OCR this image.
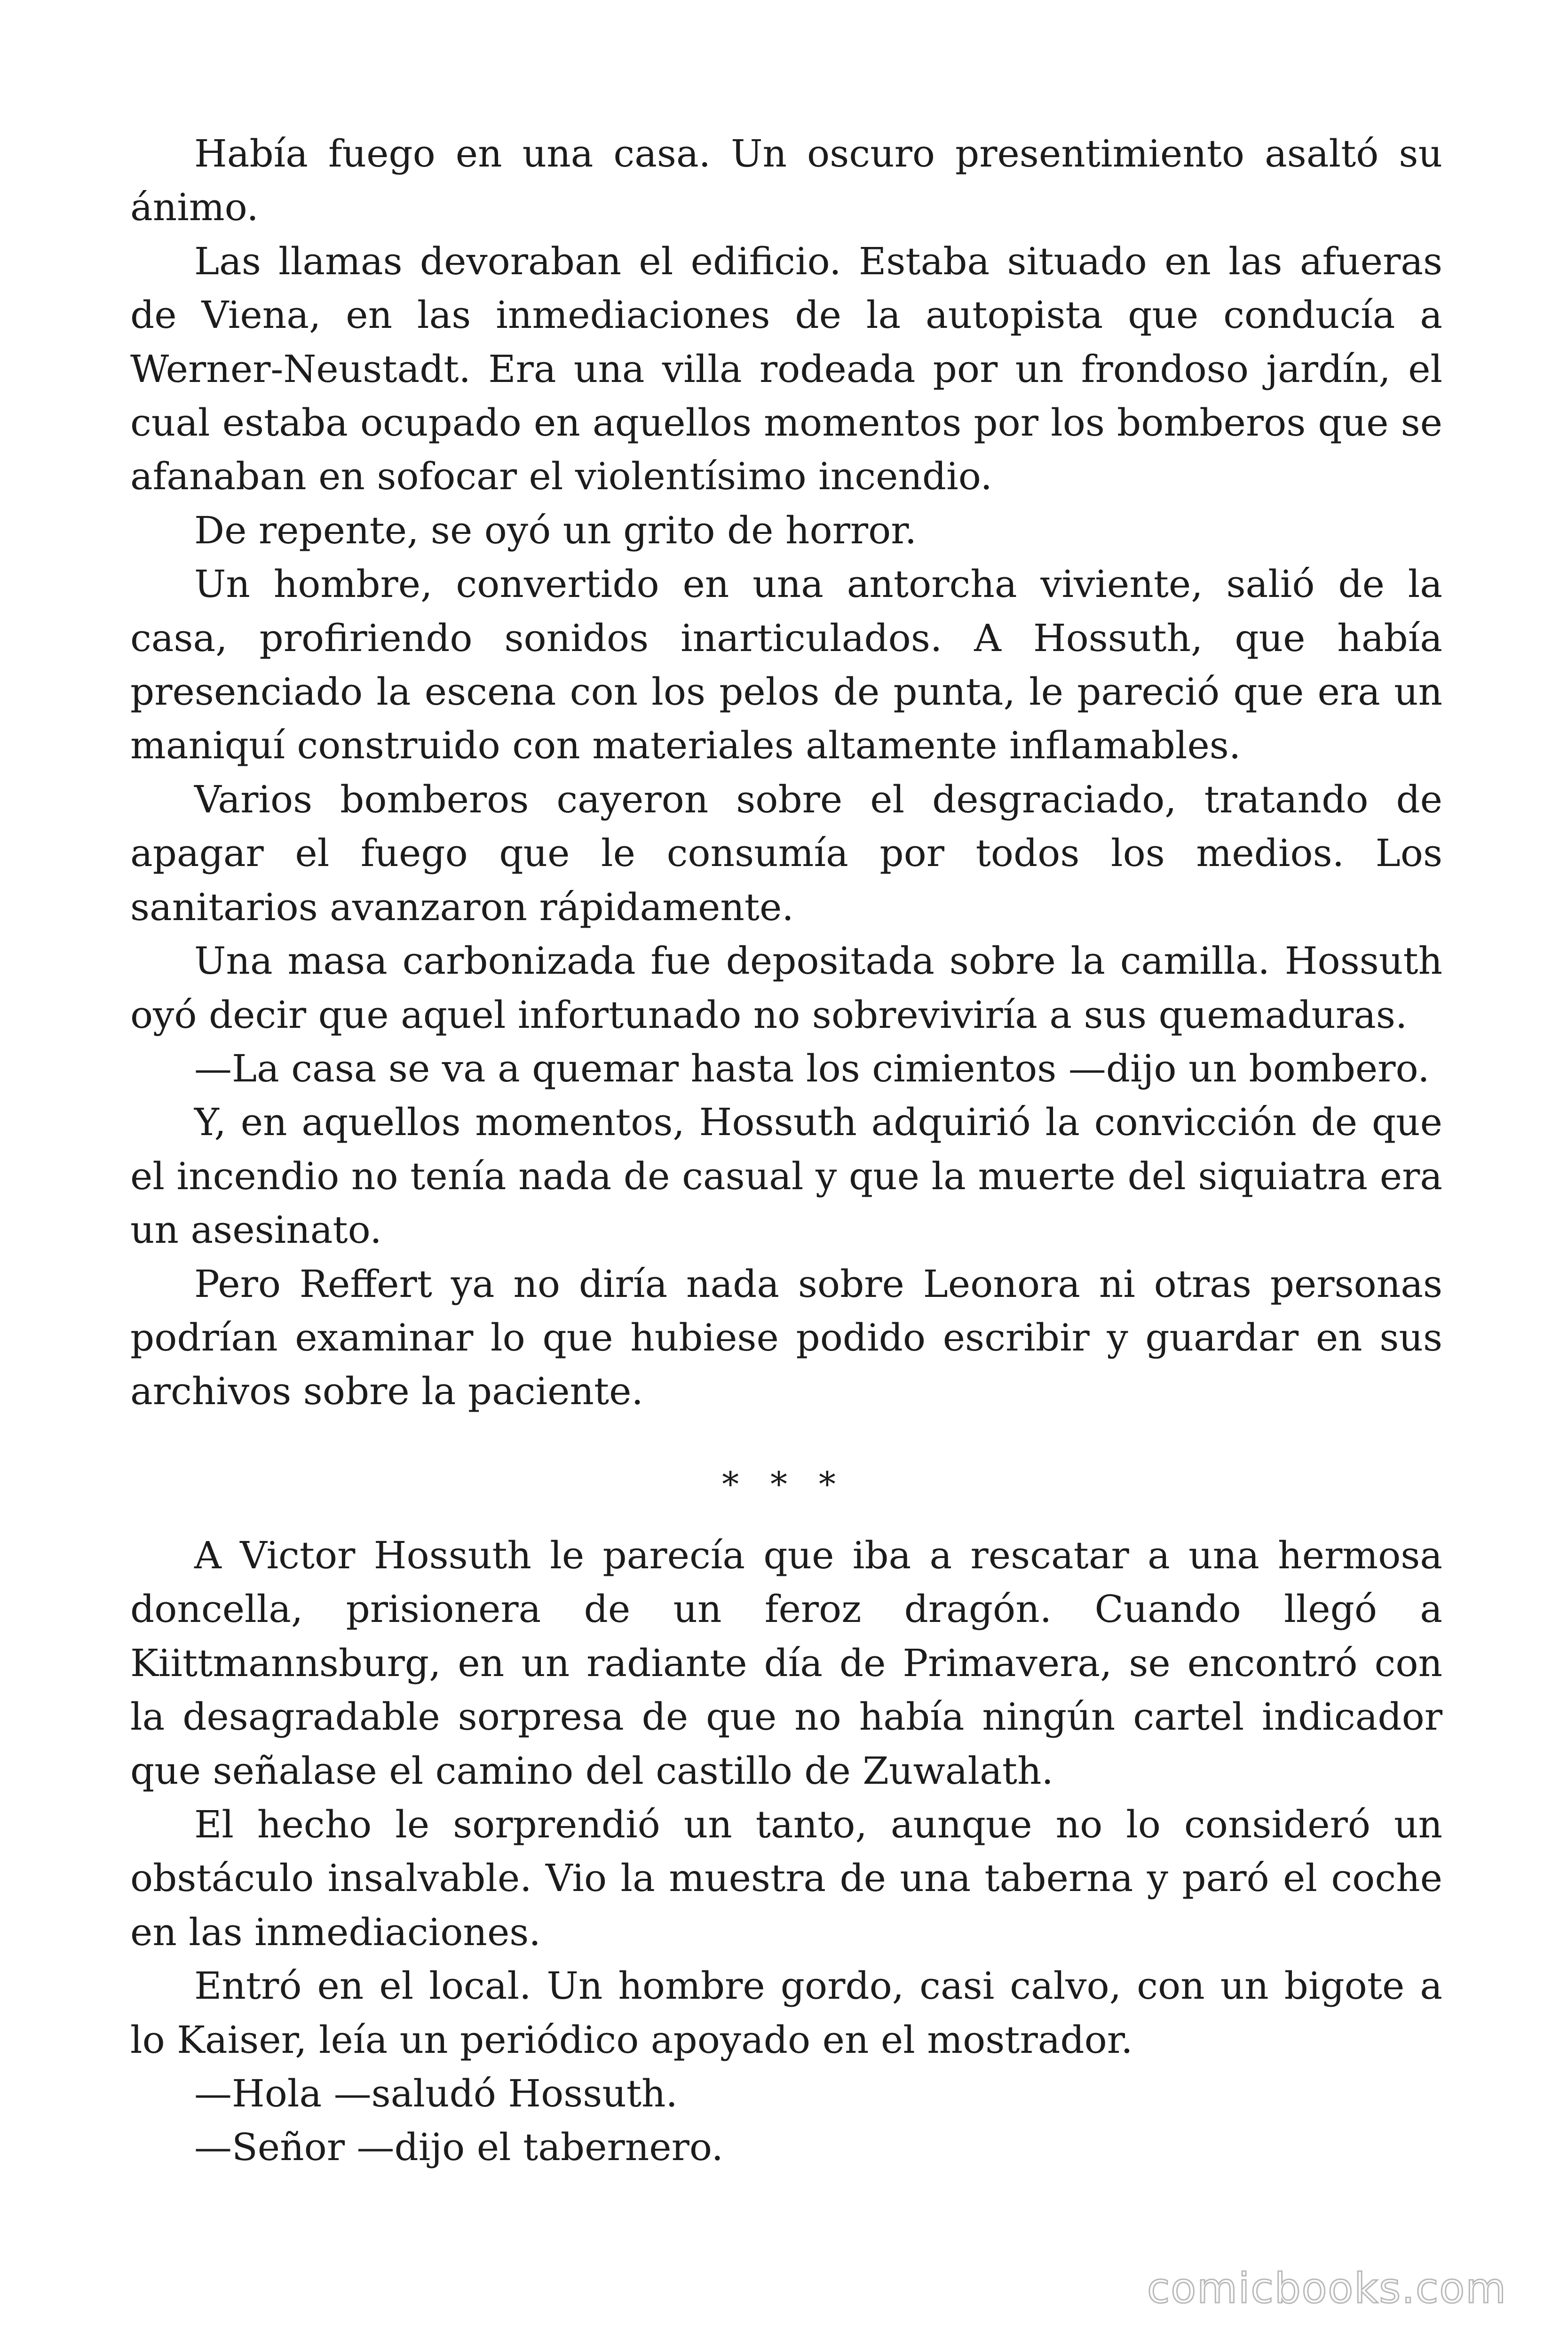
Había fuego en una casa. Un oscuro presentimiento asaltó su ánimo.

Las llamas devoraban el edificio. Estaba situado en las afueras de Viena, en las inmediaciones de la autopista que conducía a Werner-Neustadt. Era una villa rodeada por un frondoso jardín, el cual estaba ocupado en aquellos momentos por los bomberos que se afanaban en sofocar el violentísimo incendio.

De repente, se oyó un grito de horror.

Un hombre, convertido en una antorcha viviente, salió de la casa, profiriendo sonidos inarticulados. A Hossuth, que había presenciado la escena con los pelos de punta, le pareció que era un maniquí construido con materiales altamente inflamables.

Varios bomberos cayeron sobre el desgraciado, tratando de apagar el fuego que le consumía por todos los medios. Los sanitarios avanzaron rápidamente.

Una masa carbonizada fue depositada sobre la camilla. Hossuth oyó decir que aquel infortunado no sobreviviría a sus quemaduras.

—La casa se va a quemar hasta los cimientos —dijo un bombero.

Y, en aquellos momentos, Hossuth adquirió la convicción de que el incendio no tenía nada de casual y que la muerte del siquiatra era un asesinato.

Pero Reffert ya no diría nada sobre Leonora ni otras personas podrían examinar lo que hubiese podido escribir y guardar en sus archivos sobre la paciente.

* * *

A Victor Hossuth le parecía que iba a rescatar a una hermosa doncella, prisionera de un feroz dragón. Cuando llegó a Kiittmannsburg, en un radiante día de Primavera, se encontró con la desagradable sorpresa de que no había ningún cartel indicador que señalase el camino del castillo de Zuwalath.

El hecho le sorprendió un tanto, aunque no lo consideró un obstáculo insalvable. Vio la muestra de una taberna y paró el coche en las inmediaciones.

Entró en el local. Un hombre gordo, casi calvo, con un bigote a lo Kaiser, leía un periódico apoyado en el mostrador.

—Hola —saludó Hossuth.

—Señor —dijo el tabernero.

comicbooks.com
